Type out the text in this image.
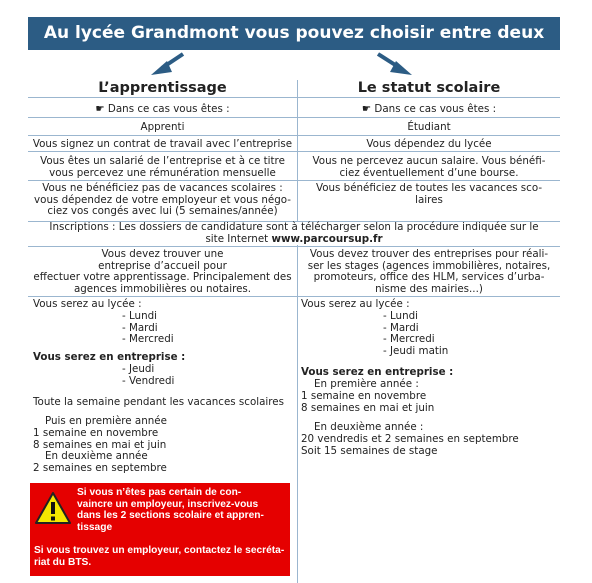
Au lycée Grandmont vous pouvez choisir entre deux statuts
L’apprentissage	Le statut scolaire
☛ Dans ce cas vous êtes :
Apprenti
Vous signez un contrat de travail avec l’entreprise
Vous êtes un salarié de l’entreprise et à ce titre
vous percevez une rémunération mensuelle
Vous ne bénéficiez pas de vacances scolaires :
vous dépendez de votre employeur et vous négo-
ciez vos congés avec lui (5 semaines/année)
☛ Dans ce cas vous êtes :
Étudiant
Vous dépendez du lycée
Vous ne percevez aucun salaire. Vous bénéfi-
ciez éventuellement d’une bourse.
Vous bénéficiez de toutes les vacances sco-
laires
Inscriptions : Les dossiers de candidature sont à télécharger selon la procédure indiquée sur le
site Internet www.parcoursup.fr
Vous devez trouver une
entreprise d’accueil pour
effectuer votre apprentissage. Principalement des
agences immobilières ou notaires.
Vous devez trouver des entreprises pour réali-
ser les stages (agences immobilières, notaires,
promoteurs, office des HLM, services d’urba-
nisme des mairies...)
Vous serez au lycée :
- Lundi
- Mardi
- Mercredi
Vous serez en entreprise :
- Jeudi
- Vendredi
Toute la semaine pendant les vacances scolaires
Puis en première année
1 semaine en novembre
8 semaines en mai et juin
En deuxième année
2 semaines en septembre
Vous serez au lycée :
- Lundi
- Mardi
- Mercredi
- Jeudi matin
Vous serez en entreprise :
En première année :
1 semaine en novembre
8 semaines en mai et juin
En deuxième année :
20 vendredis et 2 semaines en septembre
Soit 15 semaines de stage
Si vous n’êtes pas certain de con-
vaincre un employeur, inscrivez-vous
dans les 2 sections scolaire et appren-
tissage
Si vous trouvez un employeur, contactez le secrétа-
riat du BTS.
